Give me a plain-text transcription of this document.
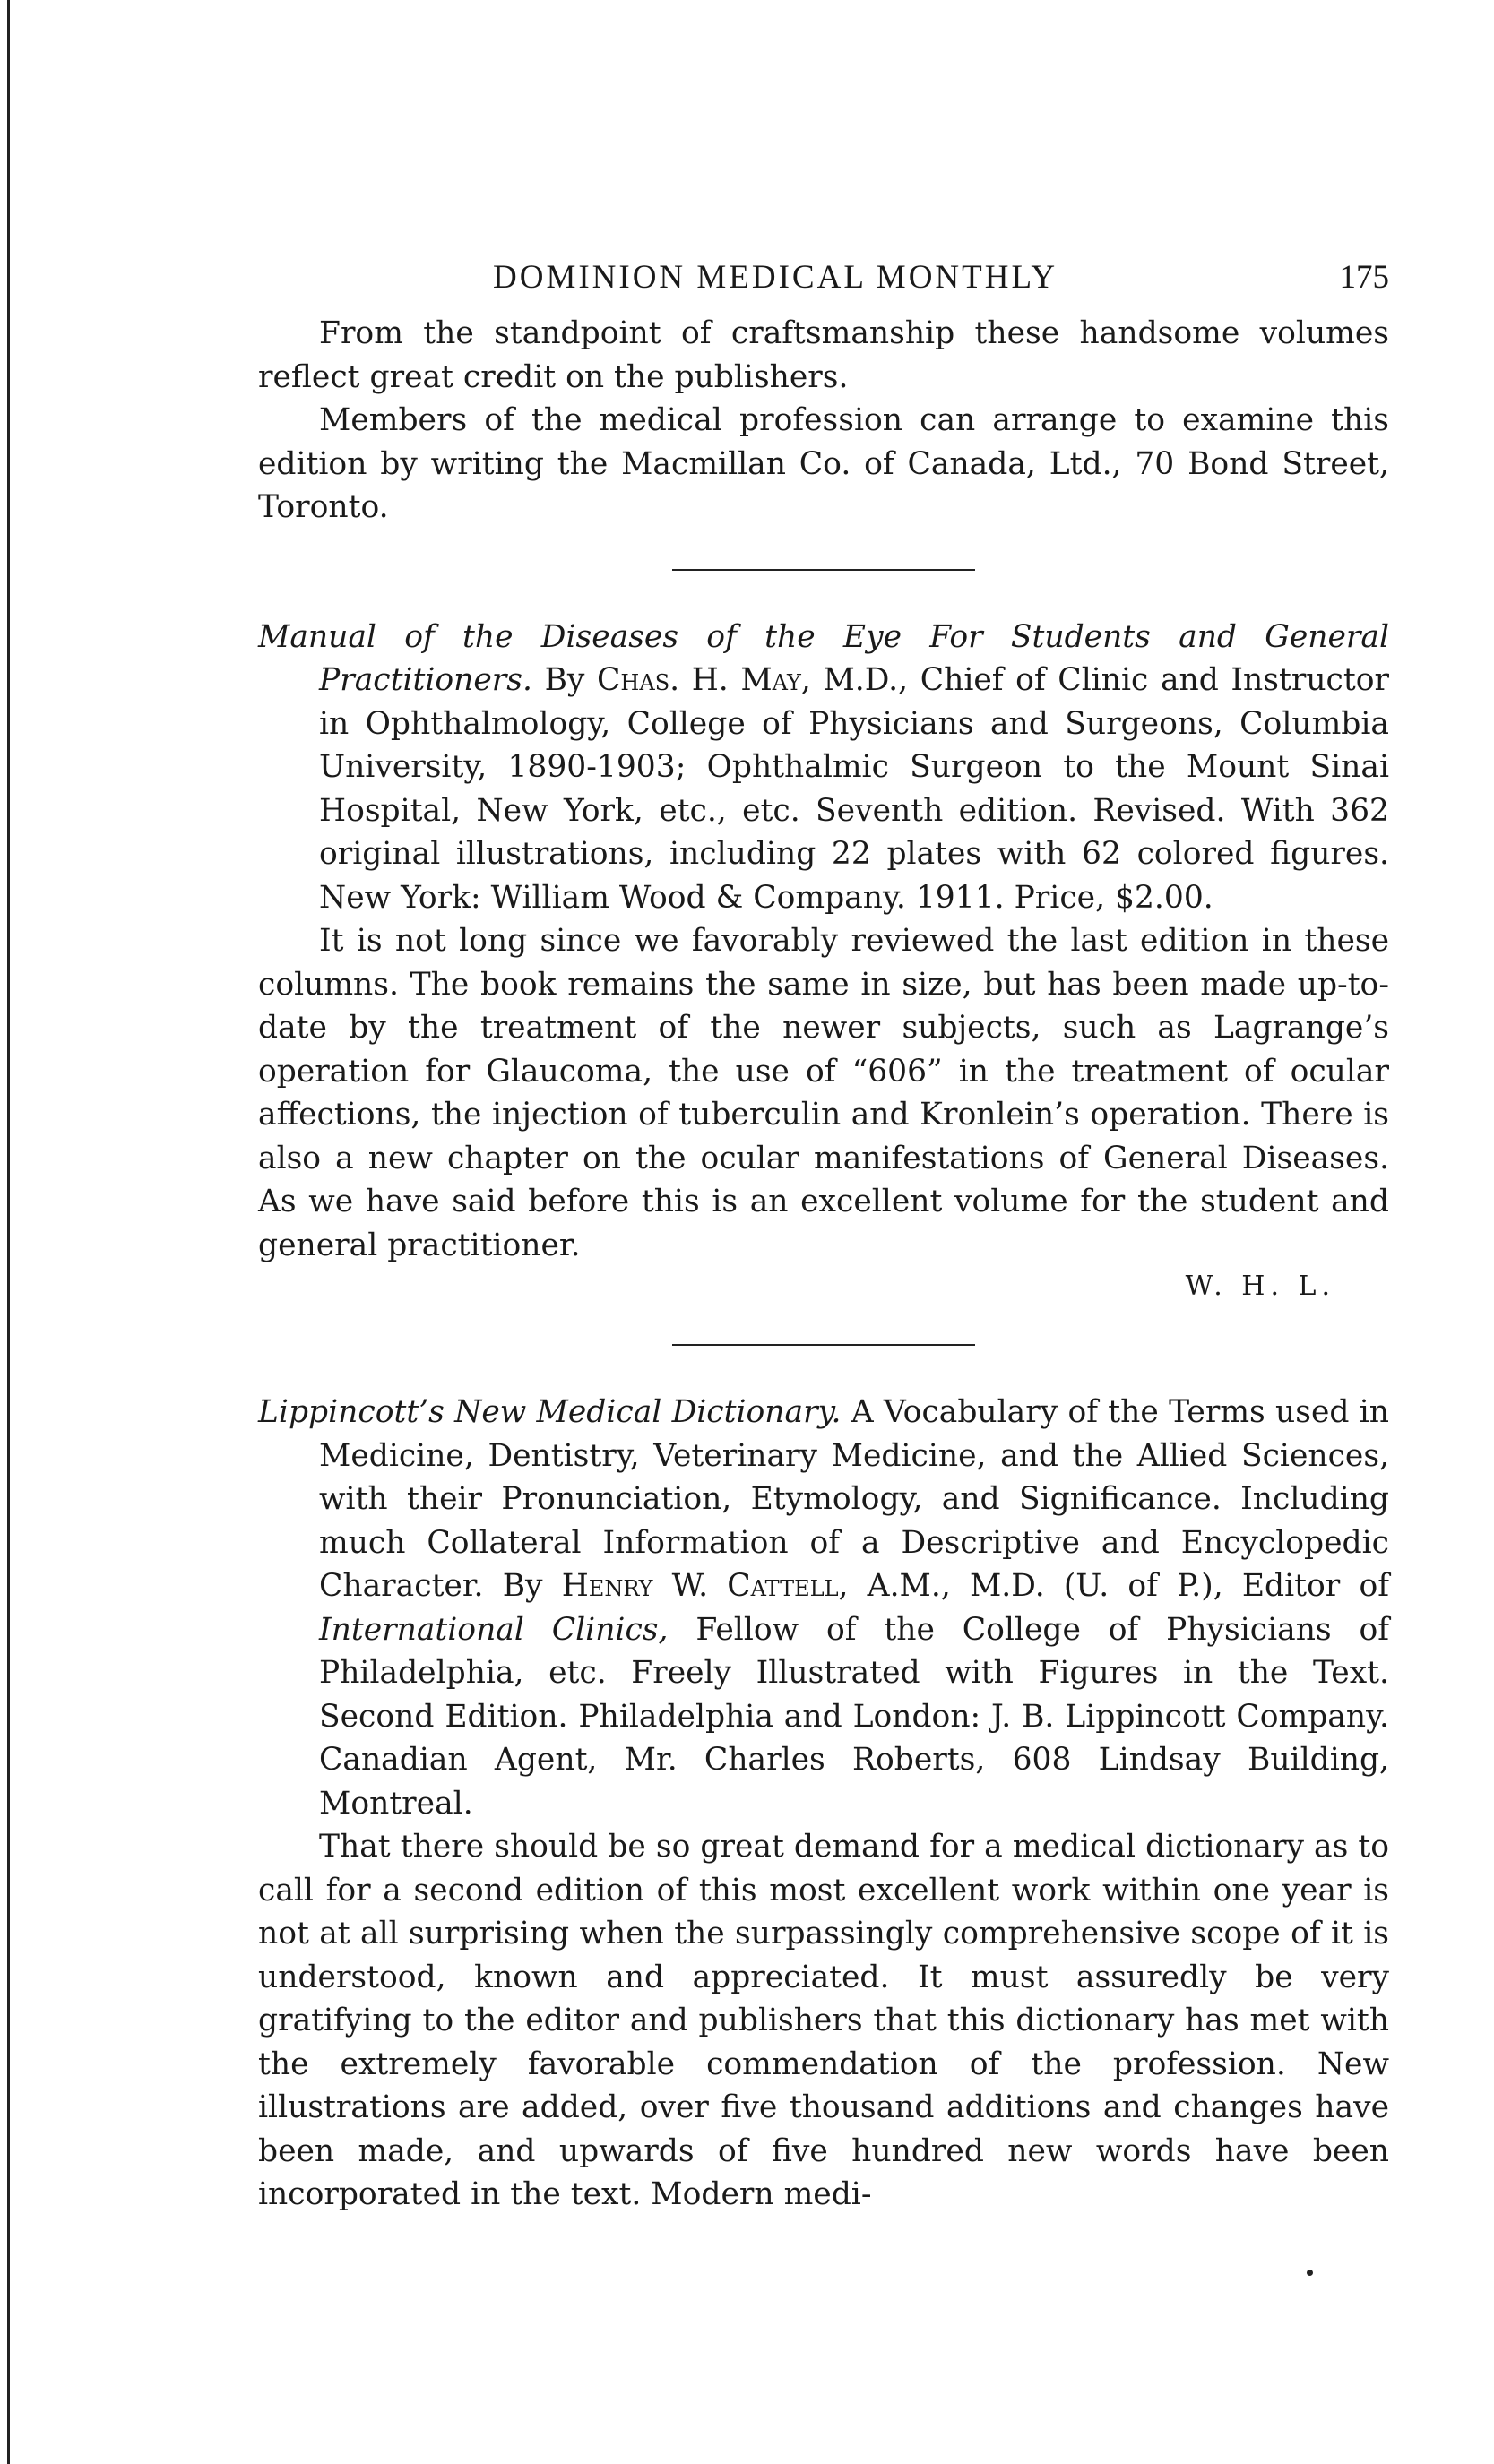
DOMINION MEDICAL MONTHLY	175

From the standpoint of craftsmanship these handsome volumes reflect great credit on the publishers.

Members of the medical profession can arrange to examine this edition by writing the Macmillan Co. of Canada, Ltd., 70 Bond Street, Toronto.

Manual of the Diseases of the Eye For Students and General Practitioners. By Chas. H. May, M.D., Chief of Clinic and Instructor in Ophthalmology, College of Physicians and Surgeons, Columbia University, 1890-1903; Ophthalmic Surgeon to the Mount Sinai Hospital, New York, etc., etc. Seventh edition. Revised. With 362 original illustrations, including 22 plates with 62 colored figures. New York: William Wood & Company. 1911. Price, $2.00.

It is not long since we favorably reviewed the last edition in these columns. The book remains the same in size, but has been made up-to-date by the treatment of the newer subjects, such as Lagrange’s operation for Glaucoma, the use of “606” in the treatment of ocular affections, the injection of tuberculin and Kronlein’s operation. There is also a new chapter on the ocular manifestations of General Diseases. As we have said before this is an excellent volume for the student and general practitioner.

W. H. L.

Lippincott’s New Medical Dictionary. A Vocabulary of the Terms used in Medicine, Dentistry, Veterinary Medicine, and the Allied Sciences, with their Pronunciation, Etymology, and Significance. Including much Collateral Information of a Descriptive and Encyclopedic Character. By Henry W. Cattell, A.M., M.D. (U. of P.), Editor of International Clinics, Fellow of the College of Physicians of Philadelphia, etc. Freely Illustrated with Figures in the Text. Second Edition. Philadelphia and London: J. B. Lippincott Company. Canadian Agent, Mr. Charles Roberts, 608 Lindsay Building, Montreal.

That there should be so great demand for a medical dictionary as to call for a second edition of this most excellent work within one year is not at all surprising when the surpassingly comprehensive scope of it is understood, known and appreciated. It must assuredly be very gratifying to the editor and publishers that this dictionary has met with the extremely favorable commendation of the profession. New illustrations are added, over five thousand additions and changes have been made, and upwards of five hundred new words have been incorporated in the text. Modern medi-
